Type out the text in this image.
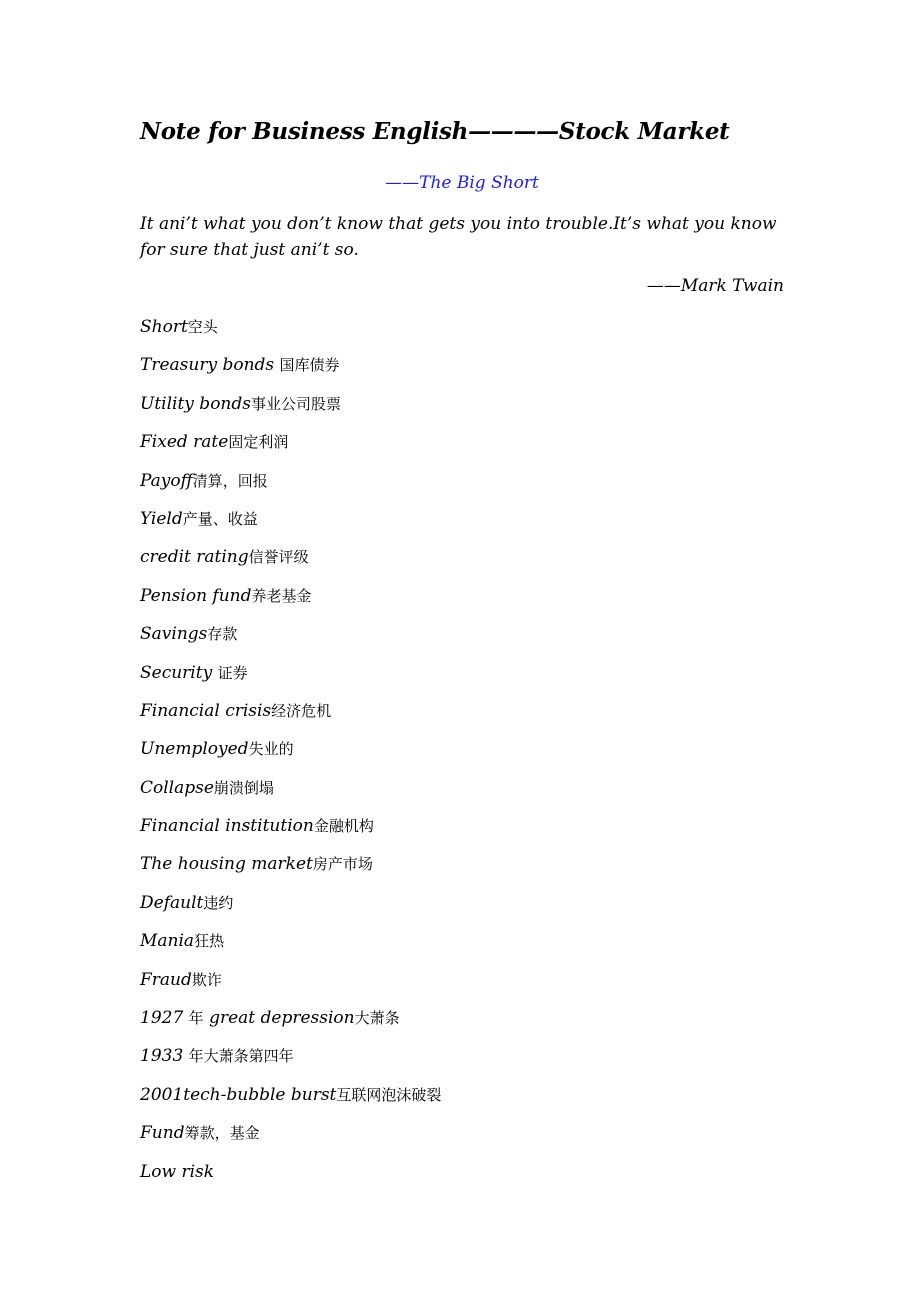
Note for Business English————Stock Market
——The Big Short
It ani’t what you don’t know that gets you into trouble.It’s what you know for sure that just ani’t so.
——Mark Twain
Short空头
Treasury bonds 国库债券
Utility bonds事业公司股票
Fixed rate固定利润
Payoff清算，回报
Yield产量、收益
credit rating信誉评级
Pension fund养老基金
Savings存款
Security 证券
Financial crisis经济危机
Unemployed失业的
Collapse崩溃倒塌
Financial institution金融机构
The housing market房产市场
Default违约
Mania狂热
Fraud欺诈
1927 年 great depression大萧条
1933 年大萧条第四年
2001tech-bubble burst互联网泡沫破裂
Fund筹款，基金
Low risk
